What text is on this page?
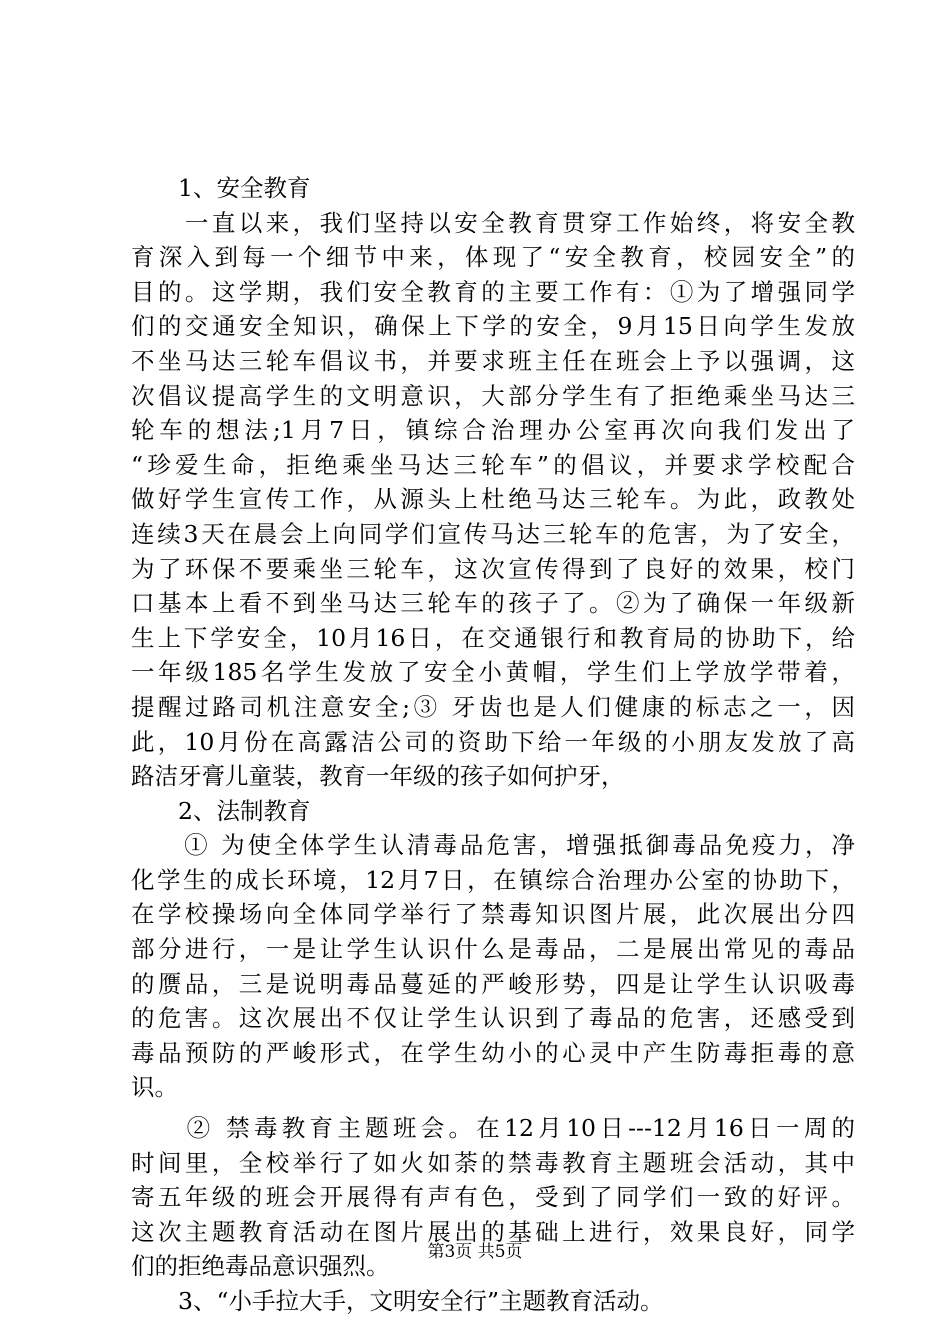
　　1、安全教育
　　一直以来，我们坚持以安全教育贯穿工作始终，将安全教
育深入到每一个细节中来，体现了“安全教育，校园安全”的
目的。这学期，我们安全教育的主要工作有：①为了增强同学
们的交通安全知识，确保上下学的安全，9月15日向学生发放
不坐马达三轮车倡议书，并要求班主任在班会上予以强调，这
次倡议提高学生的文明意识，大部分学生有了拒绝乘坐马达三
轮车的想法;1月7日，镇综合治理办公室再次向我们发出了
“珍爱生命，拒绝乘坐马达三轮车”的倡议，并要求学校配合
做好学生宣传工作，从源头上杜绝马达三轮车。为此，政教处
连续3天在晨会上向同学们宣传马达三轮车的危害，为了安全，
为了环保不要乘坐三轮车，这次宣传得到了良好的效果，校门
口基本上看不到坐马达三轮车的孩子了。②为了确保一年级新
生上下学安全，10月16日，在交通银行和教育局的协助下，给
一年级185名学生发放了安全小黄帽，学生们上学放学带着，
提醒过路司机注意安全;③ 牙齿也是人们健康的标志之一，因
此，10月份在高露洁公司的资助下给一年级的小朋友发放了高
路洁牙膏儿童装，教育一年级的孩子如何护牙，
　　2、法制教育
　　① 为使全体学生认清毒品危害，增强抵御毒品免疫力，净
化学生的成长环境，12月7日，在镇综合治理办公室的协助下，
在学校操场向全体同学举行了禁毒知识图片展，此次展出分四
部分进行，一是让学生认识什么是毒品，二是展出常见的毒品
的赝品，三是说明毒品蔓延的严峻形势，四是让学生认识吸毒
的危害。这次展出不仅让学生认识到了毒品的危害，还感受到
毒品预防的严峻形式，在学生幼小的心灵中产生防毒拒毒的意
识。
　　② 禁毒教育主题班会。在12月10日---12月16日一周的
时间里，全校举行了如火如荼的禁毒教育主题班会活动，其中
寄五年级的班会开展得有声有色，受到了同学们一致的好评。
这次主题教育活动在图片展出的基础上进行，效果良好，同学
们的拒绝毒品意识强烈。
　　3、“小手拉大手，文明安全行”主题教育活动。
第3页 共5页
